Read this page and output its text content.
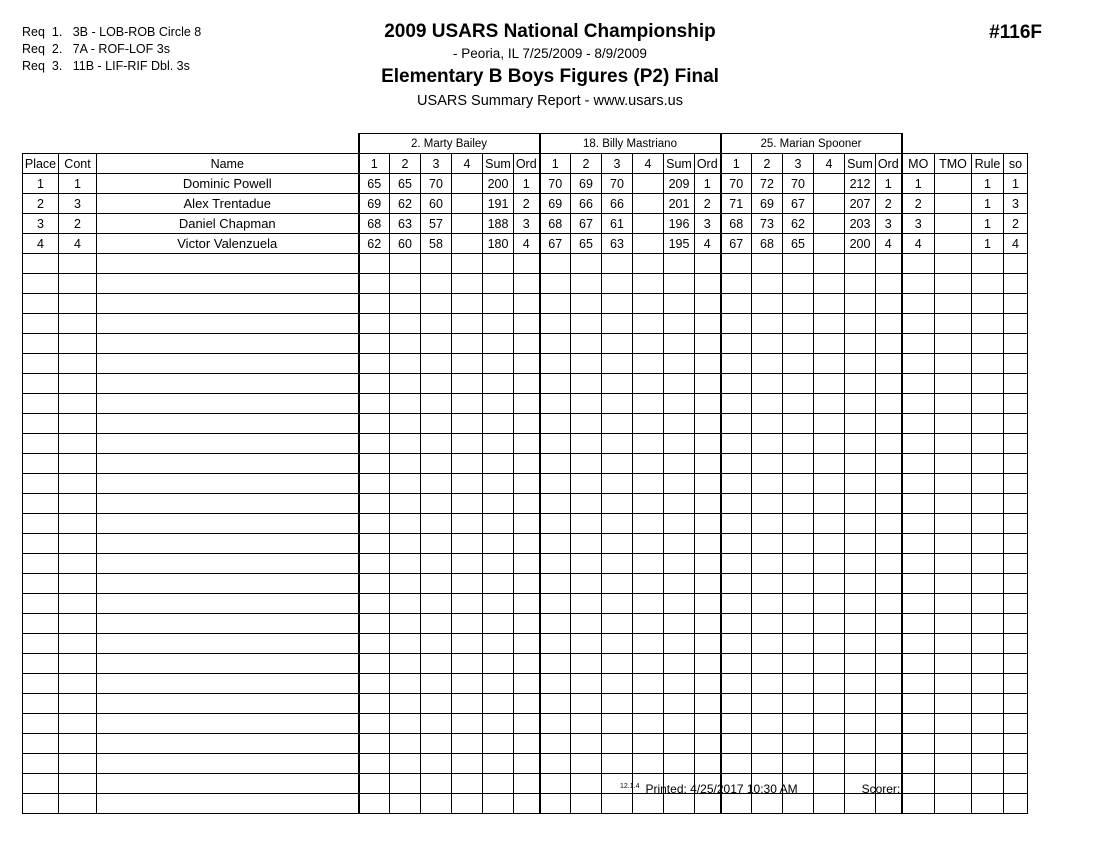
Req  1.   3B - LOB-ROB Circle 8
Req  2.   7A - ROF-LOF 3s
Req  3.   11B - LIF-RIF Dbl. 3s
2009 USARS National Championship
- Peoria, IL 7/25/2009 - 8/9/2009
Elementary B Boys Figures (P2) Final
USARS Summary Report - www.usars.us
#116F
			2. Marty Bailey						18. Billy Mastriano						25. Marian Spooner									
Place	Cont	Name	1	2	3	4	Sum	Ord	1	2	3	4	Sum	Ord	1	2	3	4	Sum	Ord	MO	TMO	Rule	so
1	1	Dominic Powell	65	65	70		200	1	70	69	70		209	1	70	72	70		212	1	1		1	1
2	3	Alex Trentadue	69	62	60		191	2	69	66	66		201	2	71	69	67		207	2	2		1	3
3	2	Daniel Chapman	68	63	57		188	3	68	67	61		196	3	68	73	62		203	3	3		1	2
4	4	Victor Valenzuela	62	60	58		180	4	67	65	63		195	4	67	68	65		200	4	4		1	4

$^{12.1.4}$ Printed: 4/25/2017 10:30 AM	Scorer:
